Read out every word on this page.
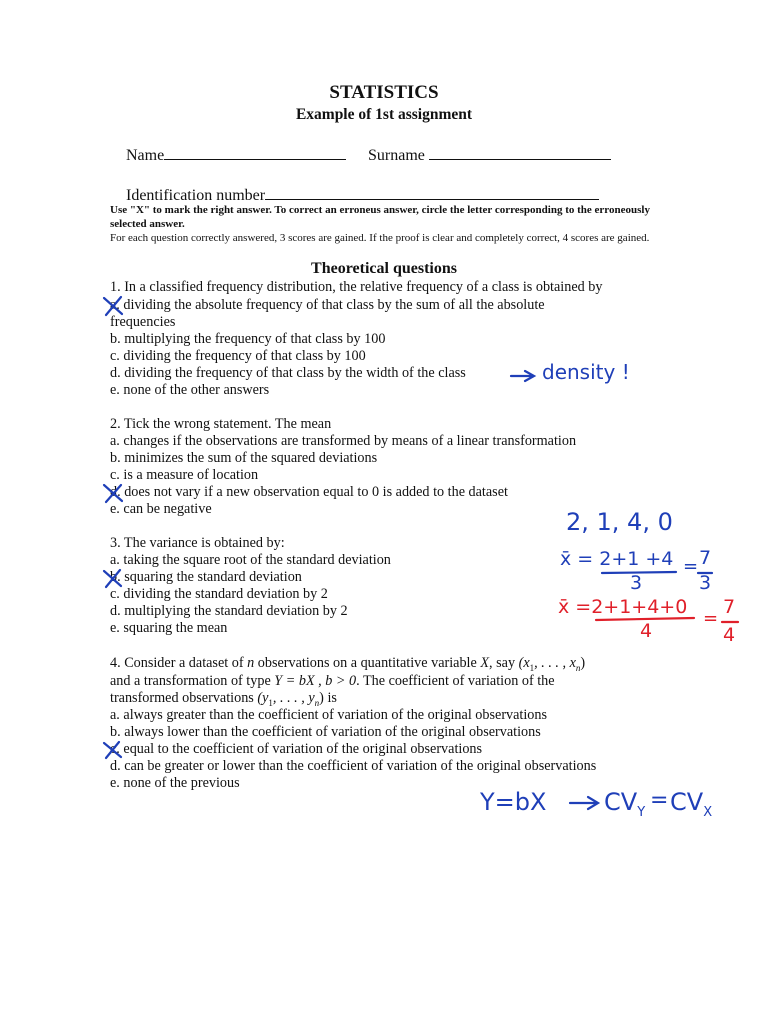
STATISTICS
Example of 1st assignment

Name
	Surname

Identification number

Use "X" to mark the right answer. To correct an erroneus answer, circle the letter corresponding to the erroneously selected answer.
For each question correctly answered, 3 scores are gained. If the proof is clear and completely correct, 4 scores are gained.
Theoretical questions
1. In a classified frequency distribution, the relative frequency of a class is obtained by
a. dividing the absolute frequency of that class by the sum of all the absolute
frequencies
b. multiplying the frequency of that class by 100
c. dividing the frequency of that class by 100
d. dividing the frequency of that class by the width of the class
e. none of the other answers
2. Tick the wrong statement. The mean
a. changes if the observations are transformed by means of a linear transformation
b. minimizes the sum of the squared deviations
c. is a measure of location
d. does not vary if a new observation equal to 0 is added to the dataset
e. can be negative
3. The variance is obtained by:
a. taking the square root of the standard deviation
b. squaring the standard deviation
c. dividing the standard deviation by 2
d. multiplying the standard deviation by 2
e. squaring the mean
4. Consider a dataset of n observations on a quantitative variable X, say ($x_1$, . . . , $x_n$)
and a transformation of type Y = bX , b > 0. The coefficient of variation of the
transformed observations ($y_1$, . . . , $y_n$) is
a. always greater than the coefficient of variation of the original observations
b. always lower than the coefficient of variation of the original observations
c. equal to the coefficient of variation of the original observations
d. can be greater or lower than the coefficient of variation of the original observations
e. none of the previous
density !
2, 1, 4, 0
x̄ = 2+1 +4
3
= 7
3
x̄ =2+1+4+0
4
=
7
4
Y=bX $CV_Y = CV_X$
